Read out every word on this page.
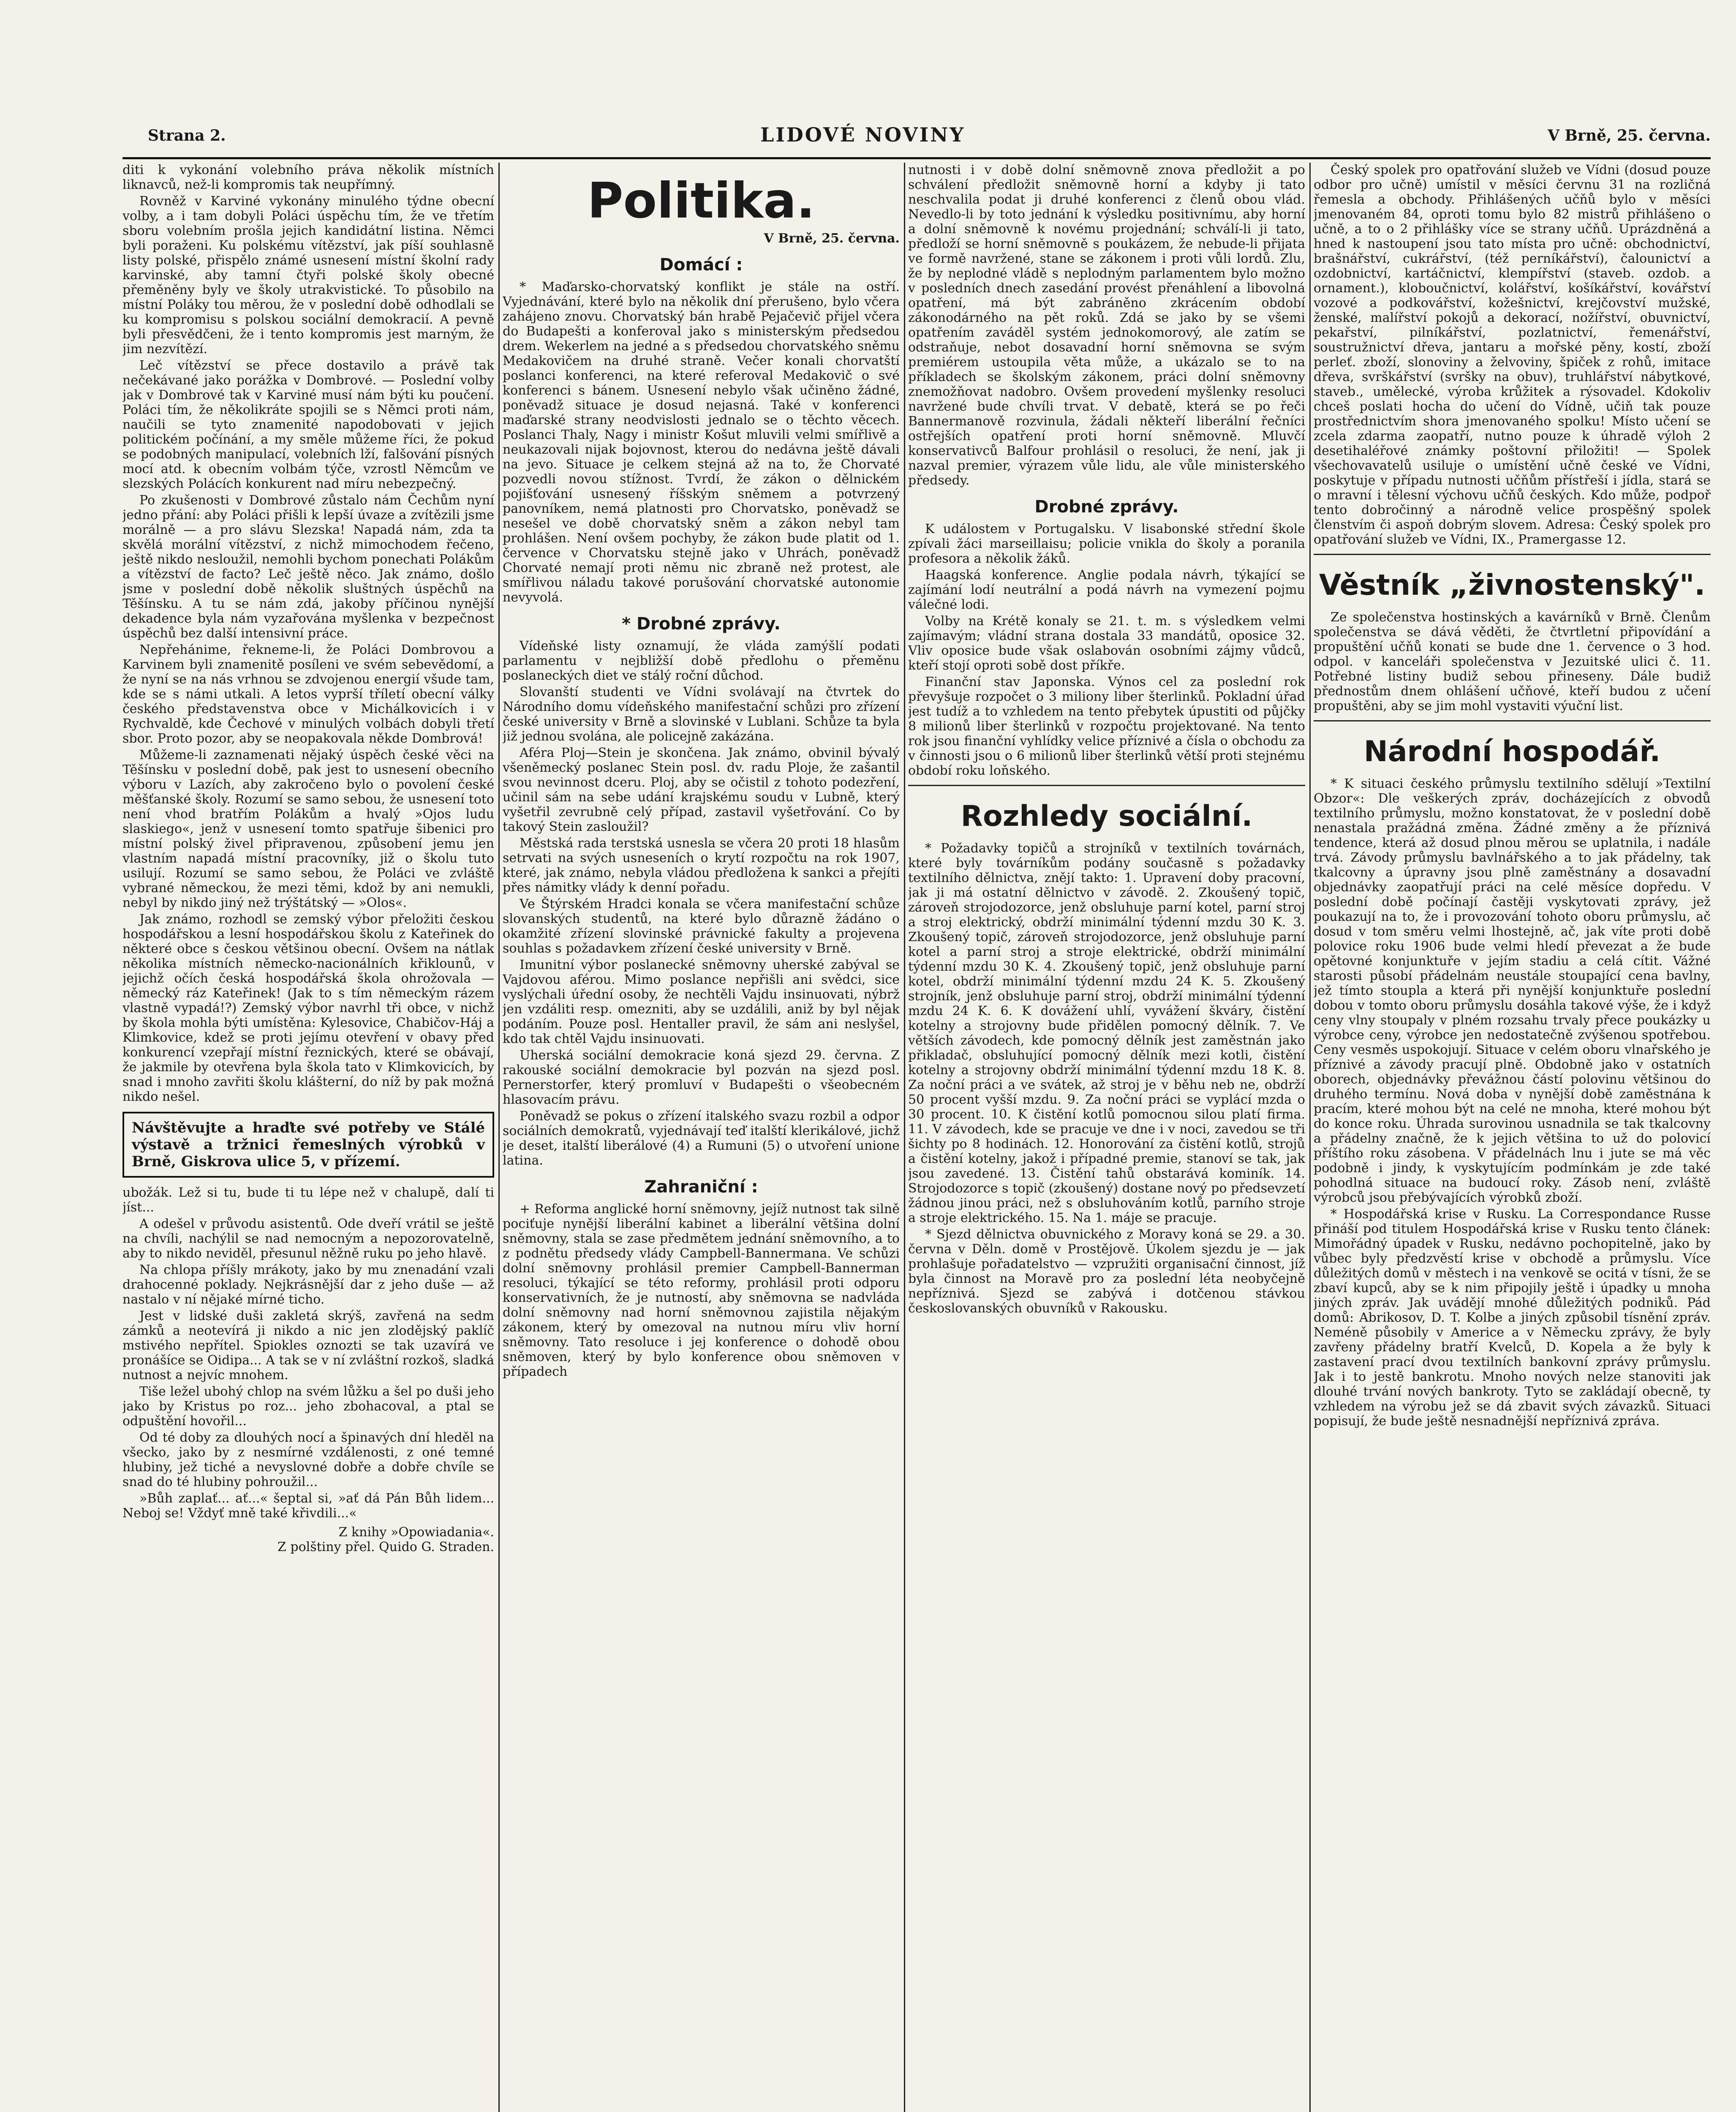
Strana 2.	LIDOVÉ NOVINY	V Brně, 25. června.

diti k vykonání volebního práva několik místních liknavců, než-li kompromis tak neupřímný.

Rovněž v Karviné vykonány minulého týdne obecní volby, a i tam dobyli Poláci úspěchu tím, že ve třetím sboru volebním prošla jejich kandidátní listina. Němci byli poraženi. Ku polskému vítězství, jak píší souhlasně listy polské, přispělo známé usnesení místní školní rady karvinské, aby tamní čtyři polské školy obecné přeměněny byly ve školy utrakvistické. To působilo na místní Poláky tou měrou, že v poslední době odhodlali se ku kompromisu s polskou sociální demokracií. A pevně byli přesvědčeni, že i tento kompromis jest marným, že jim nezvítězí.

Leč vítězství se přece dostavilo a právě tak nečekávané jako porážka v Dombrové. — Poslední volby jak v Dombrové tak v Karviné musí nám býti ku poučení. Poláci tím, že několikráte spojili se s Němci proti nám, naučili se tyto znamenité napodobovati v jejich politickém počínání, a my směle můžeme říci, že pokud se podobných manipulací, volebních lží, falšování písných mocí atd. k obecním volbám týče, vzrostl Němcům ve slezských Polácích konkurent nad míru nebezpečný.

Po zkušenosti v Dombrové zůstalo nám Čechům nyní jedno přání: aby Poláci přišli k lepší úvaze a zvítězili jsme morálně — a pro slávu Slezska! Napadá nám, zda ta skvělá morální vítězství, z nichž mimochodem řečeno, ještě nikdo nesloužil, nemohli bychom ponechati Polákům a vítězství de facto? Leč ještě něco. Jak známo, došlo jsme v poslední době několik sluštných úspěchů na Těšínsku. A tu se nám zdá, jakoby příčinou nynější dekadence byla nám vyzařována myšlenka v bezpečnost úspěchů bez další intensivní práce.

Nepřehánime, řekneme-li, že Poláci Dombrovou a Karvinem byli znamenitě posíleni ve svém sebevědomí, a že nyní se na nás vrhnou se zdvojenou energií všude tam, kde se s námi utkali. A letos vyprší tříletí obecní války českého představenstva obce v Michálkovicích i v Rychvaldě, kde Čechové v minulých volbách dobyli třetí sbor. Proto pozor, aby se neopakovala někde Dombrová!

Můžeme-li zaznamenati nějaký úspěch české věci na Těšínsku v poslední době, pak jest to usnesení obecního výboru v Lazích, aby zakročeno bylo o povolení české měšťanské školy. Rozumí se samo sebou, že usnesení toto není vhod bratřím Polákům a hvalý »Ojos ludu slaskiego«, jenž v usnesení tomto spatřuje šibenici pro místní polský živel připravenou, způsobení jemu jen vlastním napadá místní pracovníky, již o školu tuto usilují. Rozumí se samo sebou, že Poláci ve zvláště vybrané německou, že mezi těmi, kdož by ani nemukli, nebyl by nikdo jiný než trýštátský — »Olos«.

Jak známo, rozhodl se zemský výbor přeložiti českou hospodářskou a lesní hospodářskou školu z Kateřinek do některé obce s českou většinou obecní. Ovšem na nátlak několika místních německo-nacionálních křiklounů, v jejichž očích česká hospodářská škola ohrožovala — německý ráz Kateřinek! (Jak to s tím německým rázem vlastně vypadá!?) Zemský výbor navrhl tři obce, v nichž by škola mohla býti umístěna: Kylesovice, Chabičov-Háj a Klimkovice, kdež se proti jejímu otevření v obavy před konkurencí vzepřají místní řeznických, které se obávají, že jakmile by otevřena byla škola tato v Klimkovicích, by snad i mnoho zavřiti školu klášterní, do níž by pak možná nikdo nešel.

Návštěvujte a hraďte své potřeby ve Stálé výstavě a tržnici řemeslných výrobků v Brně, Giskrova ulice 5, v přízemí.

ubožák. Lež si tu, bude ti tu lépe než v chalupě, dalí ti jíst...

A odešel v průvodu asistentů. Ode dveří vrátil se ještě na chvíli, nachýlil se nad nemocným a nepozorovatelně, aby to nikdo neviděl, přesunul něžně ruku po jeho hlavě.

Na chlopa příšly mrákoty, jako by mu znenadání vzali drahocenné poklady. Nejkrásnější dar z jeho duše — až nastalo v ní nějaké mírné ticho.

Jest v lidské duši zakletá skrýš, zavřená na sedm zámků a neotevírá ji nikdo a nic jen zlodějský paklíč mstivého nepřítel. Spiokles oznozti se tak uzavírá ve pronášíce se Oidipa... A tak se v ní zvláštní rozkoš, sladká nutnost a nejvíc mnohem.

Tiše ležel ubohý chlop na svém lůžku a šel po duši jeho jako by Kristus po roz... jeho zbohacoval, a ptal se odpuštění hovořil...

Od té doby za dlouhých nocí a špinavých dní hleděl na všecko, jako by z nesmírné vzdálenosti, z oné temné hlubiny, jež tiché a nevyslovné dobře a dobře chvíle se snad do té hlubiny pohroužil...

»Bůh zaplať... ať...« šeptal si, »ať dá Pán Bůh lidem... Neboj se! Vždyť mně také křivdili...«

Z knihy »Opowiadania«.

Z polštiny přel. Quido G. Straden.

Politika.
V Brně, 25. června.
Domácí :

* Maďarsko-chorvatský konflikt je stále na ostří. Vyjednávání, které bylo na několik dní přerušeno, bylo včera zahájeno znovu. Chorvatský bán hrabě Pejačevič přijel včera do Budapešti a konferoval jako s ministerským předsedou drem. Wekerlem na jedné a s předsedou chorvatského sněmu Medakovičem na druhé straně. Večer konali chorvatští poslanci konferenci, na které referoval Medakovič o své konferenci s bánem. Usnesení nebylo však učiněno žádné, poněvadž situace je dosud nejasná. Také v konferenci maďarské strany neodvislosti jednalo se o těchto věcech. Poslanci Thaly, Nagy i ministr Košut mluvili velmi smířlivě a neukazovali nijak bojovnost, kterou do nedávna ještě dávali na jevo. Situace je celkem stejná až na to, že Chorvaté pozvedli novou stížnost. Tvrdí, že zákon o dělnickém pojišťování usnesený říšským sněmem a potvrzený panovníkem, nemá platnosti pro Chorvatsko, poněvadž se nesešel ve době chorvatský sněm a zákon nebyl tam prohlášen. Není ovšem pochyby, že zákon bude platit od 1. července v Chorvatsku stejně jako v Uhrách, poněvadž Chorvaté nemají proti němu nic zbraně než protest, ale smířlivou náladu takové porušování chorvatské autonomie nevyvolá.

* Drobné zprávy.

Vídeňské listy oznamují, že vláda zamýšlí podati parlamentu v nejbližší době předlohu o přeměnu poslaneckých diet ve stálý roční důchod.

Slovanští studenti ve Vídni svolávají na čtvrtek do Národního domu vídeňského manifestační schůzi pro zřízení české university v Brně a slovinské v Lublani. Schůze ta byla již jednou svolána, ale policejně zakázána.

Aféra Ploj—Stein je skončena. Jak známo, obvinil bývalý všeněmecký poslanec Stein posl. dv. radu Ploje, že zašantil svou nevinnost dceru. Ploj, aby se očistil z tohoto podezření, učinil sám na sebe udání krajskému soudu v Lubně, který vyšetřil zevrubně celý případ, zastavil vyšetřování. Co by takový Stein zasloužil?

Městská rada terstská usnesla se včera 20 proti 18 hlasům setrvati na svých usneseních o krytí rozpočtu na rok 1907, které, jak známo, nebyla vládou předložena k sankci a přejíti přes námitky vlády k denní pořadu.

Ve Štýrském Hradci konala se včera manifestační schůze slovanských studentů, na které bylo důrazně žádáno o okamžité zřízení slovinské právnické fakulty a projevena souhlas s požadavkem zřízení české university v Brně.

Imunitní výbor poslanecké sněmovny uherské zabýval se Vajdovou aférou. Mimo poslance nepřišli ani svědci, sice vyslýchali úřední osoby, že nechtěli Vajdu insinuovati, nýbrž jen vzdáliti resp. omezniti, aby se uzdálili, aniž by byl nějak podáním. Pouze posl. Hentaller pravil, že sám ani neslyšel, kdo tak chtěl Vajdu insinuovati.

Uherská sociální demokracie koná sjezd 29. června. Z rakouské sociální demokracie byl pozván na sjezd posl. Pernerstorfer, který promluví v Budapešti o všeobecném hlasovacím právu.

Poněvadž se pokus o zřízení italského svazu rozbil a odpor sociálních demokratů, vyjednávají teď italští klerikálové, jichž je deset, italští liberálové (4) a Rumuni (5) o utvoření unione latina.

Zahraniční :

+ Reforma anglické horní sněmovny, jejíž nutnost tak silně pociťuje nynější liberální kabinet a liberální většina dolní sněmovny, stala se zase předmětem jednání sněmovního, a to z podnětu předsedy vlády Campbell-Bannermana. Ve schůzi dolní sněmovny prohlásil premier Campbell-Bannerman resoluci, týkající se této reformy, prohlásil proti odporu konservativních, že je nutností, aby sněmovna se nadvláda dolní sněmovny nad horní sněmovnou zajistila nějakým zákonem, který by omezoval na nutnou míru vliv horní sněmovny. Tato resoluce i jej konference o dohodě obou sněmoven, který by bylo konference obou sněmoven v případech

nutnosti i v době dolní sněmovně znova předložit a po schválení předložit sněmovně horní a kdyby ji tato neschvalila podat ji druhé konferenci z členů obou vlád. Nevedlo-li by toto jednání k výsledku positivnímu, aby horní a dolní sněmovně k novému projednání; schválí-li ji tato, předloží se horní sněmovně s poukázem, že nebude-li přijata ve formě navržené, stane se zákonem i proti vůli lordů. Zlu, že by neplodné vládě s neplodným parlamentem bylo možno v posledních dnech zasedání provést přenáhlení a libovolná opatření, má být zabráněno zkrácením období zákonodárného na pět roků. Zdá se jako by se všemi opatřením zaváděl systém jednokomorový, ale zatím se odstraňuje, nebot dosavadní horní sněmovna se svým premiérem ustoupila věta může, a ukázalo se to na příkladech se školským zákonem, práci dolní sněmovny znemožňovat nadobro. Ovšem provedení myšlenky resoluci navržené bude chvíli trvat. V debatě, která se po řeči Bannermanově rozvinula, žádali někteří liberální řečníci ostřejších opatření proti horní sněmovně. Mluvčí konservativců Balfour prohlásil o resoluci, že není, jak ji nazval premier, výrazem vůle lidu, ale vůle ministerského předsedy.

Drobné zprávy.

K událostem v Portugalsku. V lisabonské střední škole zpívali žáci marseillaisu; policie vnikla do školy a poranila profesora a několik žáků.

Haagská konference. Anglie podala návrh, týkající se zajímání lodí neutrální a podá návrh na vymezení pojmu válečné lodi.

Volby na Krétě konaly se 21. t. m. s výsledkem velmi zajímavým; vládní strana dostala 33 mandátů, oposice 32. Vliv oposice bude však oslabován osobními zájmy vůdců, kteří stojí oproti sobě dost příkře.

Finanční stav Japonska. Výnos cel za poslední rok převyšuje rozpočet o 3 miliony liber šterlinků. Pokladní úřad jest tudíž a to vzhledem na tento přebytek úpustiti od půjčky 8 milionů liber šterlinků v rozpočtu projektované. Na tento rok jsou finanční vyhlídky velice příznivé a čísla o obchodu za v činnosti jsou o 6 milionů liber šterlinků větší proti stejnému období roku loňského.

Rozhledy sociální.

* Požadavky topičů a strojníků v textilních továrnách, které byly továrníkům podány současně s požadavky textilního dělnictva, znějí takto: 1. Upravení doby pracovní, jak ji má ostatní dělnictvo v závodě. 2. Zkoušený topič, zároveň strojodozorce, jenž obsluhuje parní kotel, parní stroj a stroj elektrický, obdrží minimální týdenní mzdu 30 K. 3. Zkoušený topič, zároveň strojodozorce, jenž obsluhuje parní kotel a parní stroj a stroje elektrické, obdrží minimální týdenní mzdu 30 K. 4. Zkoušený topič, jenž obsluhuje parní kotel, obdrží minimální týdenní mzdu 24 K. 5. Zkoušený strojník, jenž obsluhuje parní stroj, obdrží minimální týdenní mzdu 24 K. 6. K dovážení uhlí, vyvážení škváry, čistění kotelny a strojovny bude přidělen pomocný dělník. 7. Ve větších závodech, kde pomocný dělník jest zaměstnán jako přikladač, obsluhující pomocný dělník mezi kotli, čistění kotelny a strojovny obdrží minimální týdenní mzdu 18 K. 8. Za noční práci a ve svátek, až stroj je v běhu neb ne, obdrží 50 procent vyšší mzdu. 9. Za noční práci se vyplácí mzda o 30 procent. 10. K čistění kotlů pomocnou silou platí firma. 11. V závodech, kde se pracuje ve dne i v noci, zavedou se tři šichty po 8 hodinách. 12. Honorování za čistění kotlů, strojů a čistění kotelny, jakož i případné premie, stanoví se tak, jak jsou zavedené. 13. Čistění tahů obstarává kominík. 14. Strojodozorce s topič (zkoušený) dostane nový po předsevzetí žádnou jinou práci, než s obsluhováním kotlů, parního stroje a stroje elektrického. 15. Na 1. máje se pracuje.

* Sjezd dělnictva obuvnického z Moravy koná se 29. a 30. června v Děln. domě v Prostějově. Úkolem sjezdu je — jak prohlašuje pořadatelstvo — vzpružiti organisační činnost, jíž byla činnost na Moravě pro za poslední léta neobyčejně nepříznivá. Sjezd se zabývá i dotčenou stávkou českoslovanských obuvníků v Rakousku.

Český spolek pro opatřování služeb ve Vídni (dosud pouze odbor pro učně) umístil v měsíci červnu 31 na rozličná řemesla a obchody. Přihlášených učňů bylo v měsíci jmenovaném 84, oproti tomu bylo 82 mistrů přihlášeno o učně, a to o 2 přihlášky více se strany učňů. Uprázdněná a hned k nastoupení jsou tato místa pro učně: obchodnictví, brašnářství, cukrářství, (též perníkářství), čalounictví a ozdobnictví, kartáčnictví, klempířství (staveb. ozdob. a ornament.), kloboučnictví, kolářství, košíkářství, kovářství vozové a podkovářství, kožešnictví, krejčovství mužské, ženské, malířství pokojů a dekorací, nožířství, obuvnictví, pekařství, pilníkářství, pozlatnictví, řemenářství, soustružnictví dřeva, jantaru a mořské pěny, kostí, zboží perleť. zboží, slonoviny a želvoviny, špiček z rohů, imitace dřeva, svrškářství (svršky na obuv), truhlářství nábytkové, staveb., umělecké, výroba krůžitek a rýsovadel. Kdokoliv chceš poslati hocha do učení do Vídně, učiň tak pouze prostřednictvím shora jmenovaného spolku! Místo učení se zcela zdarma zaopatří, nutno pouze k úhradě výloh 2 desetihaléřové známky poštovní přiložiti! — Spolek všechovavatelů usiluje o umístění učně české ve Vídni, poskytuje v případu nutnosti učňům přístřeší i jídla, stará se o mravní i tělesní výchovu učňů českých. Kdo může, podpoř tento dobročinný a národně velice prospěšný spolek členstvím či aspoň dobrým slovem. Adresa: Český spolek pro opatřování služeb ve Vídni, IX., Pramergasse 12.

Věstník „živnostenský".

Ze společenstva hostinských a kavárníků v Brně. Členům společenstva se dává věděti, že čtvrtletní připovídání a propuštění učňů konati se bude dne 1. července o 3 hod. odpol. v kanceláři společenstva v Jezuitské ulici č. 11. Potřebné listiny budiž sebou přineseny. Dále budiž přednostům dnem ohlášení učňové, kteří budou z učení propuštěni, aby se jim mohl vystaviti výuční list.

Národní hospodář.

* K situaci českého průmyslu textilního sdělují »Textilní Obzor«: Dle veškerých zpráv, docházejících z obvodů textilního průmyslu, možno konstatovat, že v poslední době nenastala pražádná změna. Žádné změny a že příznivá tendence, která až dosud plnou měrou se uplatnila, i nadále trvá. Závody průmyslu bavlnářského a to jak přádelny, tak tkalcovny a úpravny jsou plně zaměstnány a dosavadní objednávky zaopatřují práci na celé měsíce dopředu. V poslední době počínají častěji vyskytovati zprávy, jež poukazují na to, že i provozování tohoto oboru průmyslu, ač dosud v tom směru velmi lhostejně, ač, jak víte proti době polovice roku 1906 bude velmi hledí převezat a že bude opětovné konjunktuře v jejím stadiu a celá cítit. Vážné starosti působí přádelnám neustále stoupající cena bavlny, jež tímto stoupla a která při nynější konjunktuře poslední dobou v tomto oboru průmyslu dosáhla takové výše, že i když ceny vlny stoupaly v plném rozsahu trvaly přece poukázky u výrobce ceny, výrobce jen nedostatečně zvýšenou spotřebou. Ceny vesměs uspokojují. Situace v celém oboru vlnařského je příznivé a závody pracují plně. Obdobně jako v ostatních oborech, objednávky převážnou částí polovinu většinou do druhého termínu. Nová doba v nynější době zaměstnána k pracím, které mohou být na celé ne mnoha, které mohou být do konce roku. Úhrada surovinou usnadnila se tak tkalcovny a přádelny značně, že k jejich většina to už do polovicí příštího roku zásobena. V přádelnách lnu i jute se má věc podobně i jindy, k vyskytujícím podmínkám je zde také pohodlná situace na budoucí roky. Zásob není, zvláště výrobců jsou přebývajících výrobků zboží.

* Hospodářská krise v Rusku. La Correspondance Russe přináší pod titulem Hospodářská krise v Rusku tento článek: Mimořádný úpadek v Rusku, nedávno pochopitelně, jako by vůbec byly předzvěstí krise v obchodě a průmyslu. Více důležitých domů v městech i na venkově se ocitá v tísni, že se zbaví kupců, aby se k nim připojily ještě i úpadky u mnoha jiných zpráv. Jak uvádějí mnohé důležitých podniků. Pád domů: Abrikosov, D. T. Kolbe a jiných způsobil tísnění zpráv. Neméně působily v Americe a v Německu zprávy, že byly zavřeny přádelny bratří Kvelců, D. Kopela a že byly k zastavení prací dvou textilních bankovní zprávy průmyslu. Jak i to jestě bankrotu. Mnoho nových nelze stanoviti jak dlouhé trvání nových bankroty. Tyto se zakládají obecně, ty vzhledem na výrobu jež se dá zbavit svých závazků. Situaci popisují, že bude ještě nesnadnější nepříznivá zpráva.
